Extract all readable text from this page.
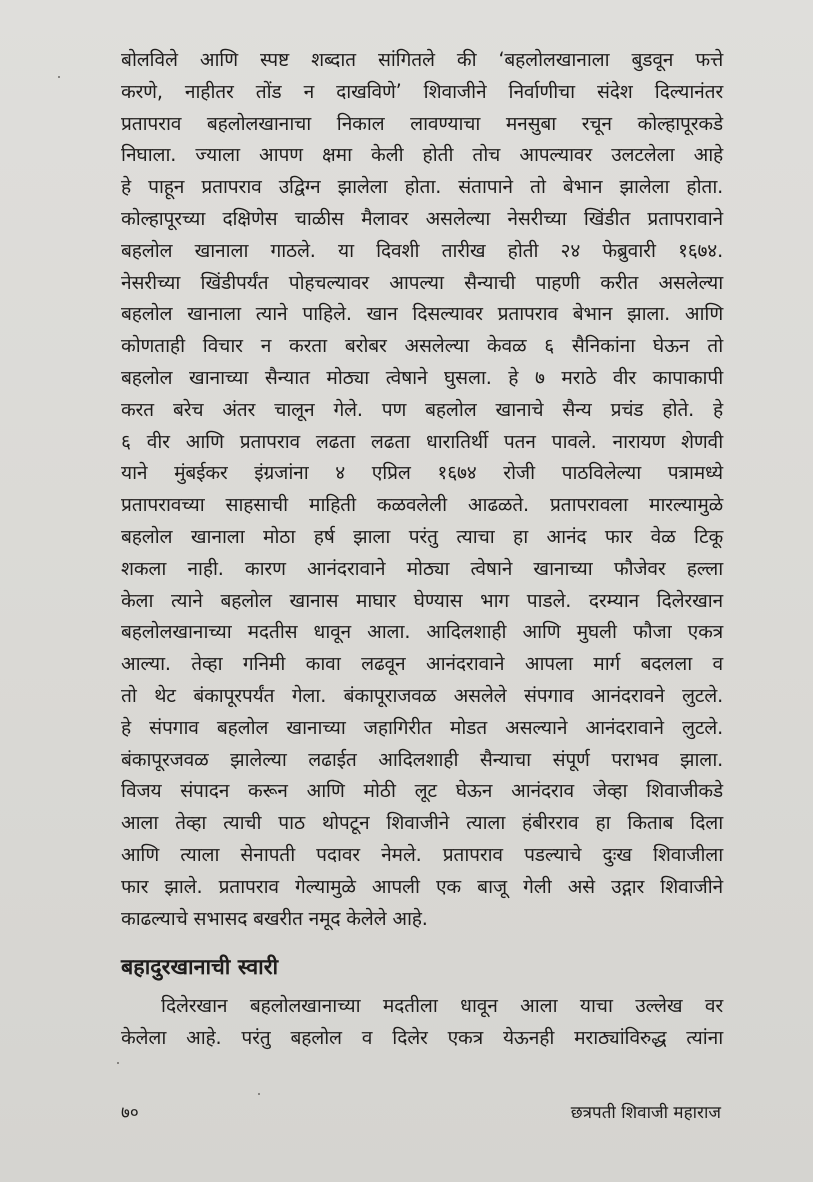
बोलविले आणि स्पष्ट शब्दात सांगितले की ‘बहलोलखानाला बुडवून फत्ते
करणे, नाहीतर तोंड न दाखविणे’ शिवाजीने निर्वाणीचा संदेश दिल्यानंतर
प्रतापराव बहलोलखानाचा निकाल लावण्याचा मनसुबा रचून कोल्हापूरकडे
निघाला. ज्याला आपण क्षमा केली होती तोच आपल्यावर उलटलेला आहे
हे पाहून प्रतापराव उद्विग्न झालेला होता. संतापाने तो बेभान झालेला होता.
कोल्हापूरच्या दक्षिणेस चाळीस मैलावर असलेल्या नेसरीच्या खिंडीत प्रतापरावाने
बहलोल खानाला गाठले. या दिवशी तारीख होती २४ फेब्रुवारी १६७४.
नेसरीच्या खिंडीपर्यंत पोहचल्यावर आपल्या सैन्याची पाहणी करीत असलेल्या
बहलोल खानाला त्याने पाहिले. खान दिसल्यावर प्रतापराव बेभान झाला. आणि
कोणताही विचार न करता बरोबर असलेल्या केवळ ६ सैनिकांना घेऊन तो
बहलोल खानाच्या सैन्यात मोठ्या त्वेषाने घुसला. हे ७ मराठे वीर कापाकापी
करत बरेच अंतर चालून गेले. पण बहलोल खानाचे सैन्य प्रचंड होते. हे
६ वीर आणि प्रतापराव लढता लढता धारातिर्थी पतन पावले. नारायण शेणवी
याने मुंबईकर इंग्रजांना ४ एप्रिल १६७४ रोजी पाठविलेल्या पत्रामध्ये
प्रतापरावच्या साहसाची माहिती कळवलेली आढळते. प्रतापरावला मारल्यामुळे
बहलोल खानाला मोठा हर्ष झाला परंतु त्याचा हा आनंद फार वेळ टिकू
शकला नाही. कारण आनंदरावाने मोठ्या त्वेषाने खानाच्या फौजेवर हल्ला
केला त्याने बहलोल खानास माघार घेण्यास भाग पाडले. दरम्यान दिलेरखान
बहलोलखानाच्या मदतीस धावून आला. आदिलशाही आणि मुघली फौजा एकत्र
आल्या. तेव्हा गनिमी कावा लढवून आनंदरावाने आपला मार्ग बदलला व
तो थेट बंकापूरपर्यंत गेला. बंकापूराजवळ असलेले संपगाव आनंदरावने लुटले.
हे संपगाव बहलोल खानाच्या जहागिरीत मोडत असल्याने आनंदरावाने लुटले.
बंकापूरजवळ झालेल्या लढाईत आदिलशाही सैन्याचा संपूर्ण पराभव झाला.
विजय संपादन करून आणि मोठी लूट घेऊन आनंदराव जेव्हा शिवाजीकडे
आला तेव्हा त्याची पाठ थोपटून शिवाजीने त्याला हंबीरराव हा किताब दिला
आणि त्याला सेनापती पदावर नेमले. प्रतापराव पडल्याचे दुःख शिवाजीला
फार झाले. प्रतापराव गेल्यामुळे आपली एक बाजू गेली असे उद्गार शिवाजीने
काढल्याचे सभासद बखरीत नमूद केलेले आहे.
बहादुरखानाची स्वारी
दिलेरखान बहलोलखानाच्या मदतीला धावून आला याचा उल्लेख वर
केलेला आहे. परंतु बहलोल व दिलेर एकत्र येऊनही मराठ्यांविरुद्ध त्यांना
७०	छत्रपती शिवाजी महाराज
